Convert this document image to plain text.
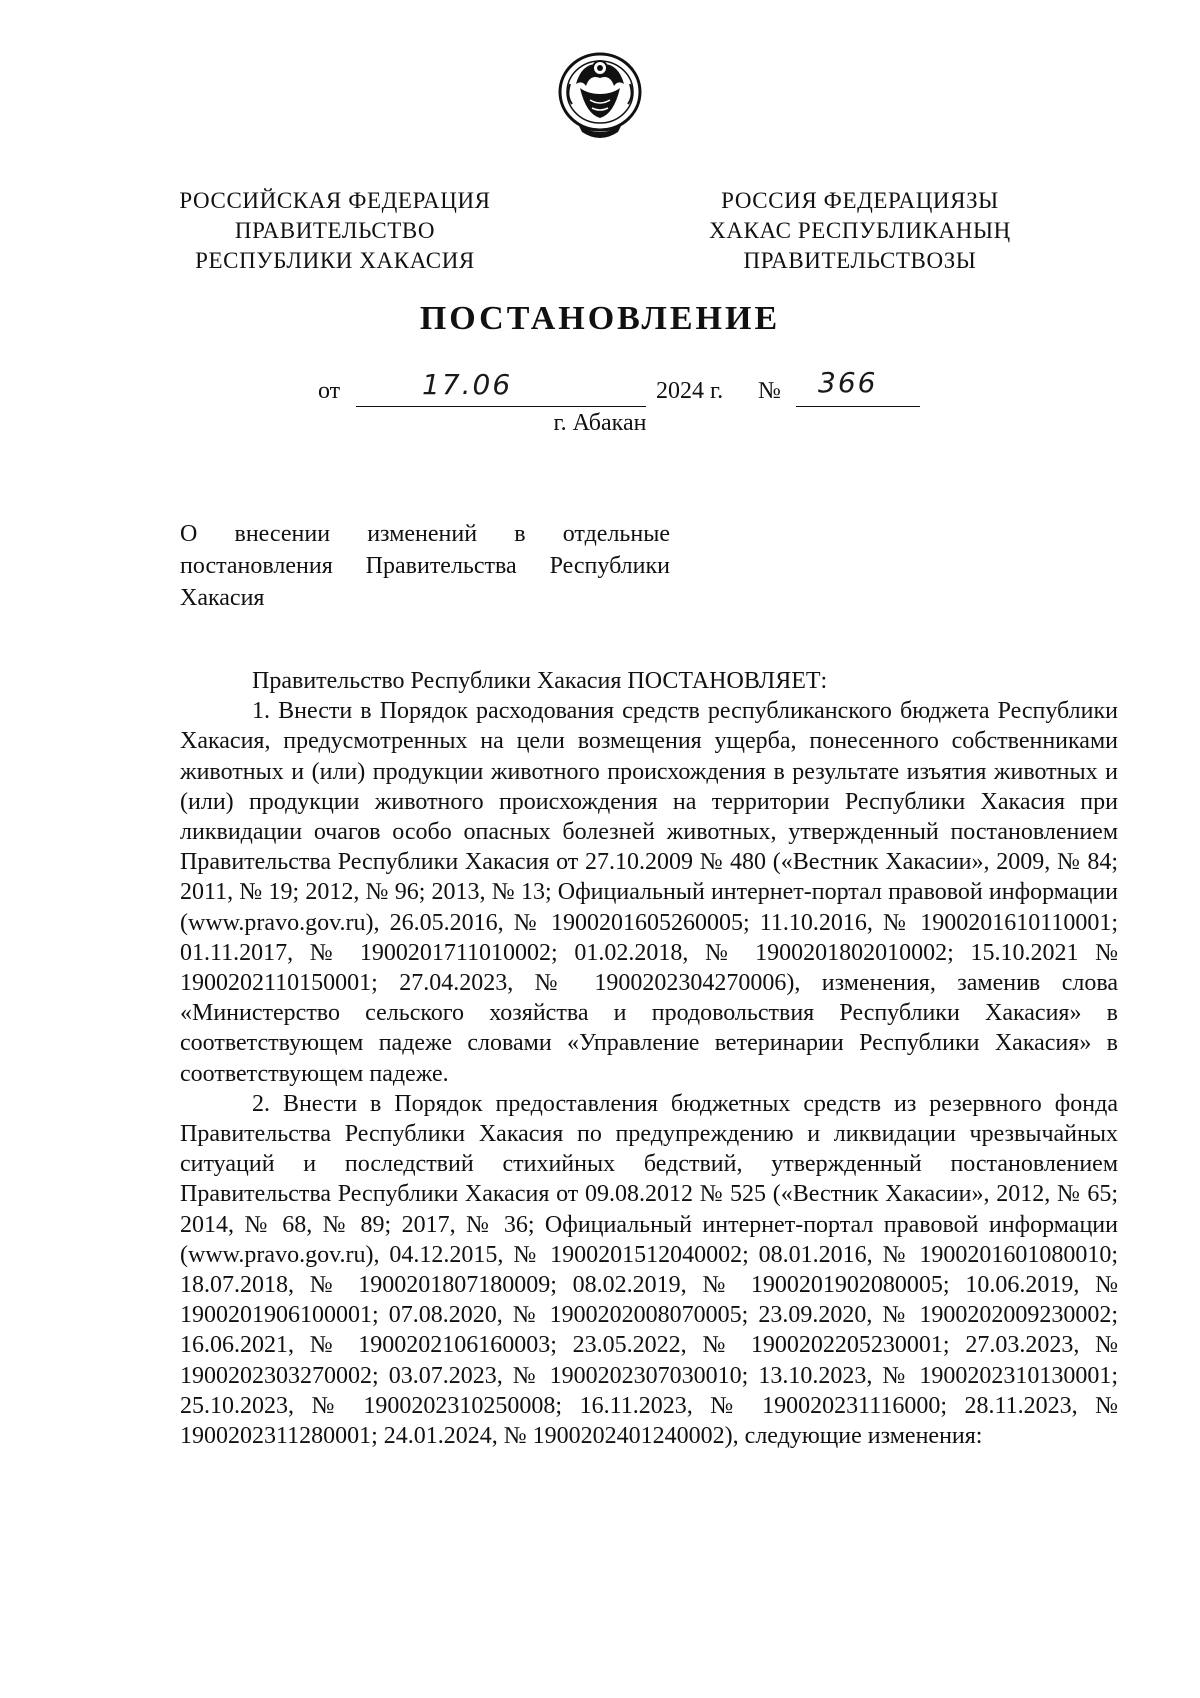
РОССИЙСКАЯ ФЕДЕРАЦИЯ
ПРАВИТЕЛЬСТВО
РЕСПУБЛИКИ ХАКАСИЯ
РОССИЯ ФЕДЕРАЦИЯЗЫ
ХАКАС РЕСПУБЛИКАНЫҢ
ПРАВИТЕЛЬСТВОЗЫ
ПОСТАНОВЛЕНИЕ
от	17.06	2024 г. № 366
г. Абакан
О внесении изменений в отдельные постановления Правительства Республики Хакасия

Правительство Республики Хакасия ПОСТАНОВЛЯЕТ:

1. Внести в Порядок расходования средств республиканского бюджета Республики Хакасия, предусмотренных на цели возмещения ущерба, понесенного собственниками животных и (или) продукции животного происхождения в результате изъятия животных и (или) продукции животного происхождения на территории Республики Хакасия при ликвидации очагов особо опасных болезней животных, утвержденный постановлением Правительства Республики Хакасия от 27.10.2009 № 480 («Вестник Хакасии», 2009, № 84; 2011, № 19; 2012, № 96; 2013, № 13; Официальный интернет-портал правовой информации (www.pravo.gov.ru), 26.05.2016, № 1900201605260005; 11.10.2016, № 1900201610110001; 01.11.2017, № 1900201711010002; 01.02.2018, № 1900201802010002; 15.10.2021 № 1900202110150001; 27.04.2023, № 1900202304270006), изменения, заменив слова «Министерство сельского хозяйства и продовольствия Республики Хакасия» в соответствующем падеже словами «Управление ветеринарии Республики Хакасия» в соответствующем падеже.

2. Внести в Порядок предоставления бюджетных средств из резервного фонда Правительства Республики Хакасия по предупреждению и ликвидации чрезвычайных ситуаций и последствий стихийных бедствий, утвержденный постановлением Правительства Республики Хакасия от 09.08.2012 № 525 («Вестник Хакасии», 2012, № 65; 2014, № 68, № 89; 2017, № 36; Официальный интернет-портал правовой информации (www.pravo.gov.ru), 04.12.2015, № 1900201512040002; 08.01.2016, № 1900201601080010; 18.07.2018, № 1900201807180009; 08.02.2019, № 1900201902080005; 10.06.2019, № 1900201906100001; 07.08.2020, № 1900202008070005; 23.09.2020, № 1900202009230002; 16.06.2021, № 1900202106160003; 23.05.2022, № 1900202205230001; 27.03.2023, № 1900202303270002; 03.07.2023, № 1900202307030010; 13.10.2023, № 1900202310130001; 25.10.2023, № 1900202310250008; 16.11.2023, № 190020231116000; 28.11.2023, № 1900202311280001; 24.01.2024, № 1900202401240002), следующие изменения:
